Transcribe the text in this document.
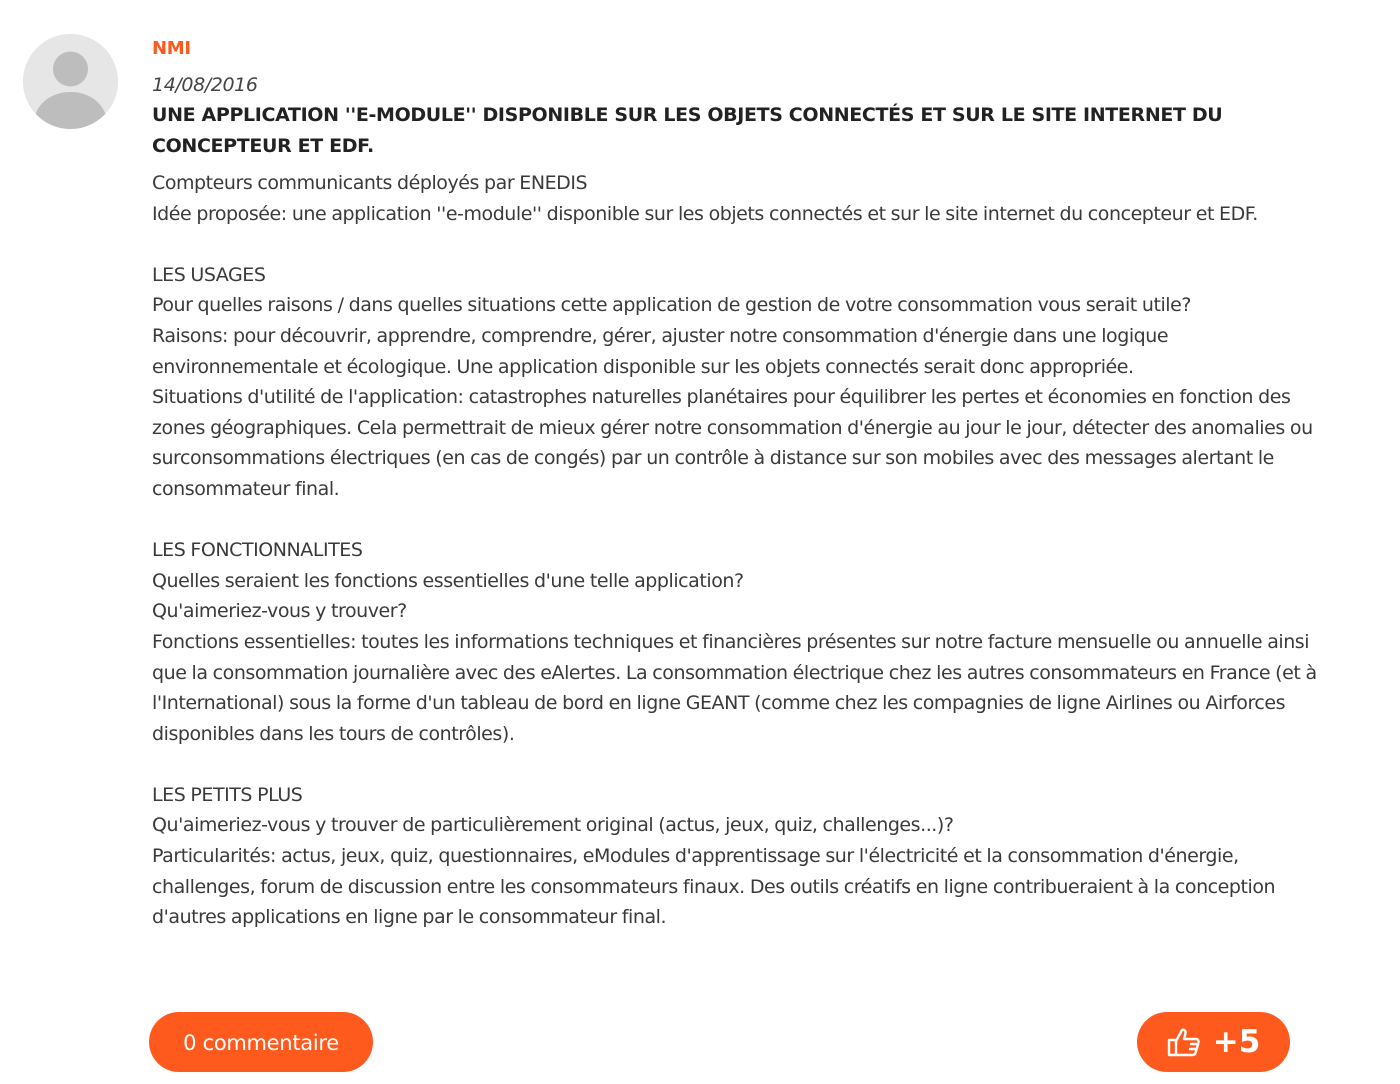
NMI
14/08/2016
UNE APPLICATION ''E-MODULE'' DISPONIBLE SUR LES OBJETS CONNECTÉS ET SUR LE SITE INTERNET DU CONCEPTEUR ET EDF.

Compteurs communicants déployés par ENEDIS

Idée proposée: une application ''e-module'' disponible sur les objets connectés et sur le site internet du concepteur et EDF.

LES USAGES

Pour quelles raisons / dans quelles situations cette application de gestion de votre consommation vous serait utile?

Raisons: pour découvrir, apprendre, comprendre, gérer, ajuster notre consommation d'énergie dans une logique environnementale et écologique. Une application disponible sur les objets connectés serait donc appropriée.

Situations d'utilité de l'application: catastrophes naturelles planétaires pour équilibrer les pertes et économies en fonction des zones géographiques. Cela permettrait de mieux gérer notre consommation d'énergie au jour le jour, détecter des anomalies ou surconsommations électriques (en cas de congés) par un contrôle à distance sur son mobiles avec des messages alertant le consommateur final.

LES FONCTIONNALITES

Quelles seraient les fonctions essentielles d'une telle application?

Qu'aimeriez-vous y trouver?

Fonctions essentielles: toutes les informations techniques et financières présentes sur notre facture mensuelle ou annuelle ainsi que la consommation journalière avec des eAlertes. La consommation électrique chez les autres consommateurs en France (et à l'International) sous la forme d'un tableau de bord en ligne GEANT (comme chez les compagnies de ligne Airlines ou Airforces disponibles dans les tours de contrôles).

LES PETITS PLUS

Qu'aimeriez-vous y trouver de particulièrement original (actus, jeux, quiz, challenges...)?

Particularités: actus, jeux, quiz, questionnaires, eModules d'apprentissage sur l'électricité et la consommation d'énergie, challenges, forum de discussion entre les consommateurs finaux. Des outils créatifs en ligne contribueraient à la conception d'autres applications en ligne par le consommateur final.

0 commentaire	+5
